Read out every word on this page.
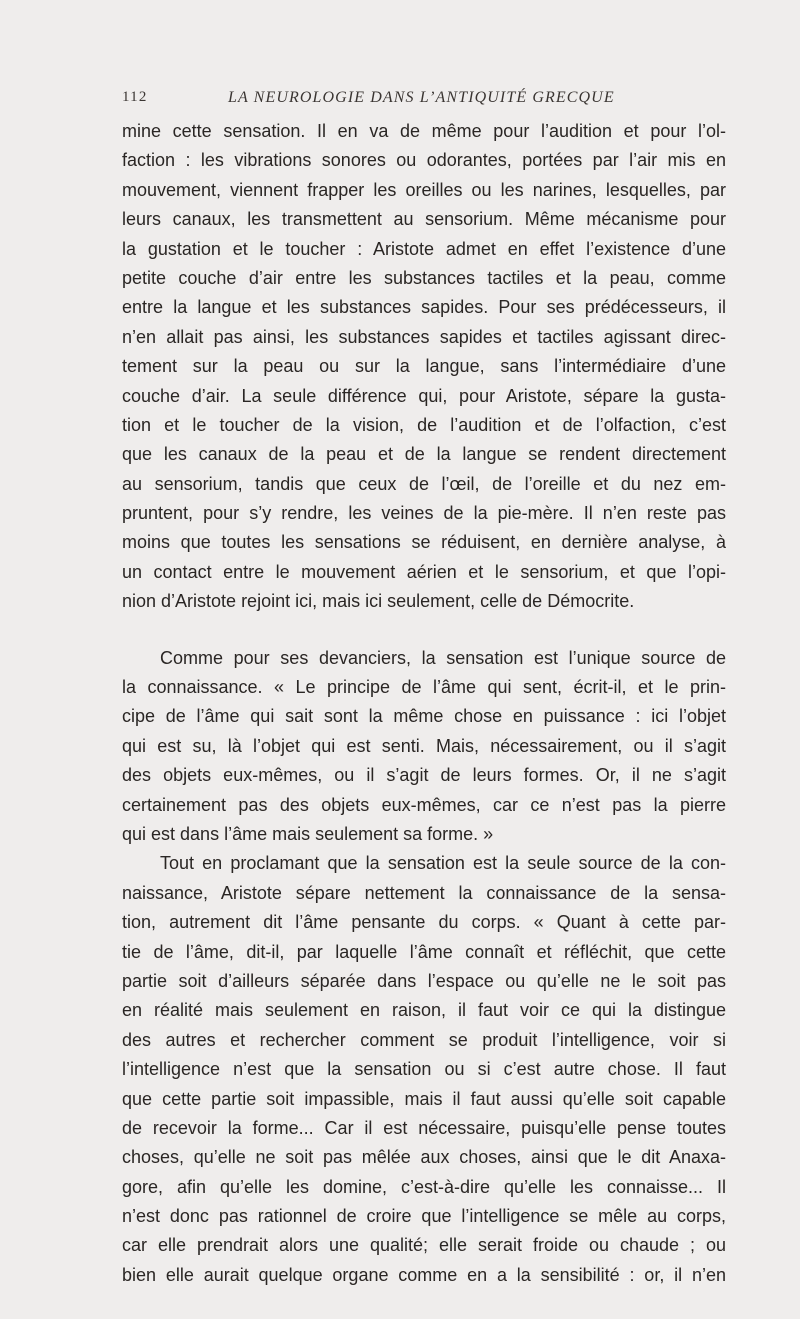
112	LA NEUROLOGIE DANS L’ANTIQUITÉ GRECQUE
mine cette sensation. Il en va de même pour l’audition et pour l’ol-
faction : les vibrations sonores ou odorantes, portées par l’air mis en
mouvement, viennent frapper les oreilles ou les narines, lesquelles, par
leurs canaux, les transmettent au sensorium. Même mécanisme pour
la gustation et le toucher : Aristote admet en effet l’existence d’une
petite couche d’air entre les substances tactiles et la peau, comme
entre la langue et les substances sapides. Pour ses prédécesseurs, il
n’en allait pas ainsi, les substances sapides et tactiles agissant direc-
tement sur la peau ou sur la langue, sans l’intermédiaire d’une
couche d’air. La seule différence qui, pour Aristote, sépare la gusta-
tion et le toucher de la vision, de l’audition et de l’olfaction, c’est
que les canaux de la peau et de la langue se rendent directement
au sensorium, tandis que ceux de l’œil, de l’oreille et du nez em-
pruntent, pour s’y rendre, les veines de la pie-mère. Il n’en reste pas
moins que toutes les sensations se réduisent, en dernière analyse, à
un contact entre le mouvement aérien et le sensorium, et que l’opi-
nion d’Aristote rejoint ici, mais ici seulement, celle de Démocrite.
Comme pour ses devanciers, la sensation est l’unique source de
la connaissance. « Le principe de l’âme qui sent, écrit-il, et le prin-
cipe de l’âme qui sait sont la même chose en puissance : ici l’objet
qui est su, là l’objet qui est senti. Mais, nécessairement, ou il s’agit
des objets eux-mêmes, ou il s’agit de leurs formes. Or, il ne s’agit
certainement pas des objets eux-mêmes, car ce n’est pas la pierre
qui est dans l’âme mais seulement sa forme. »
Tout en proclamant que la sensation est la seule source de la con-
naissance, Aristote sépare nettement la connaissance de la sensa-
tion, autrement dit l’âme pensante du corps. « Quant à cette par-
tie de l’âme, dit-il, par laquelle l’âme connaît et réfléchit, que cette
partie soit d’ailleurs séparée dans l’espace ou qu’elle ne le soit pas
en réalité mais seulement en raison, il faut voir ce qui la distingue
des autres et rechercher comment se produit l’intelligence, voir si
l’intelligence n’est que la sensation ou si c’est autre chose. Il faut
que cette partie soit impassible, mais il faut aussi qu’elle soit capable
de recevoir la forme... Car il est nécessaire, puisqu’elle pense toutes
choses, qu’elle ne soit pas mêlée aux choses, ainsi que le dit Anaxa-
gore, afin qu’elle les domine, c’est-à-dire qu’elle les connaisse... Il
n’est donc pas rationnel de croire que l’intelligence se mêle au corps,
car elle prendrait alors une qualité; elle serait froide ou chaude ; ou
bien elle aurait quelque organe comme en a la sensibilité : or, il n’en
